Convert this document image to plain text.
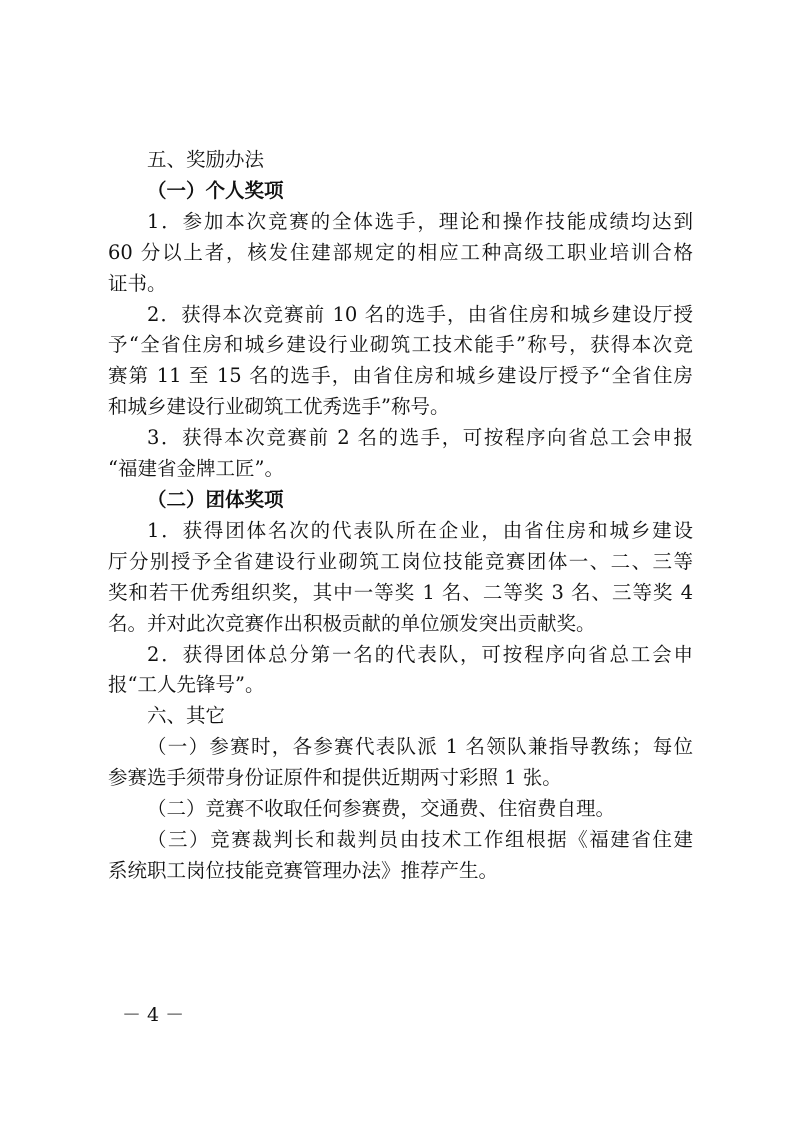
五、奖励办法

（一）个人奖项

1．参加本次竞赛的全体选手，理论和操作技能成绩均达到

60 分以上者，核发住建部规定的相应工种高级工职业培训合格

证书。

2．获得本次竞赛前 10 名的选手，由省住房和城乡建设厅授

予“全省住房和城乡建设行业砌筑工技术能手”称号，获得本次竞

赛第 11 至 15 名的选手，由省住房和城乡建设厅授予“全省住房

和城乡建设行业砌筑工优秀选手”称号。

3．获得本次竞赛前 2 名的选手，可按程序向省总工会申报

“福建省金牌工匠”。

（二）团体奖项

1．获得团体名次的代表队所在企业，由省住房和城乡建设

厅分别授予全省建设行业砌筑工岗位技能竞赛团体一、二、三等

奖和若干优秀组织奖，其中一等奖 1 名、二等奖 3 名、三等奖 4

名。并对此次竞赛作出积极贡献的单位颁发突出贡献奖。

2．获得团体总分第一名的代表队，可按程序向省总工会申

报“工人先锋号”。

六、其它

（一）参赛时，各参赛代表队派 1 名领队兼指导教练；每位

参赛选手须带身份证原件和提供近期两寸彩照 1 张。

（二）竞赛不收取任何参赛费，交通费、住宿费自理。

（三）竞赛裁判长和裁判员由技术工作组根据《福建省住建

系统职工岗位技能竞赛管理办法》推荐产生。

－ 4 －
